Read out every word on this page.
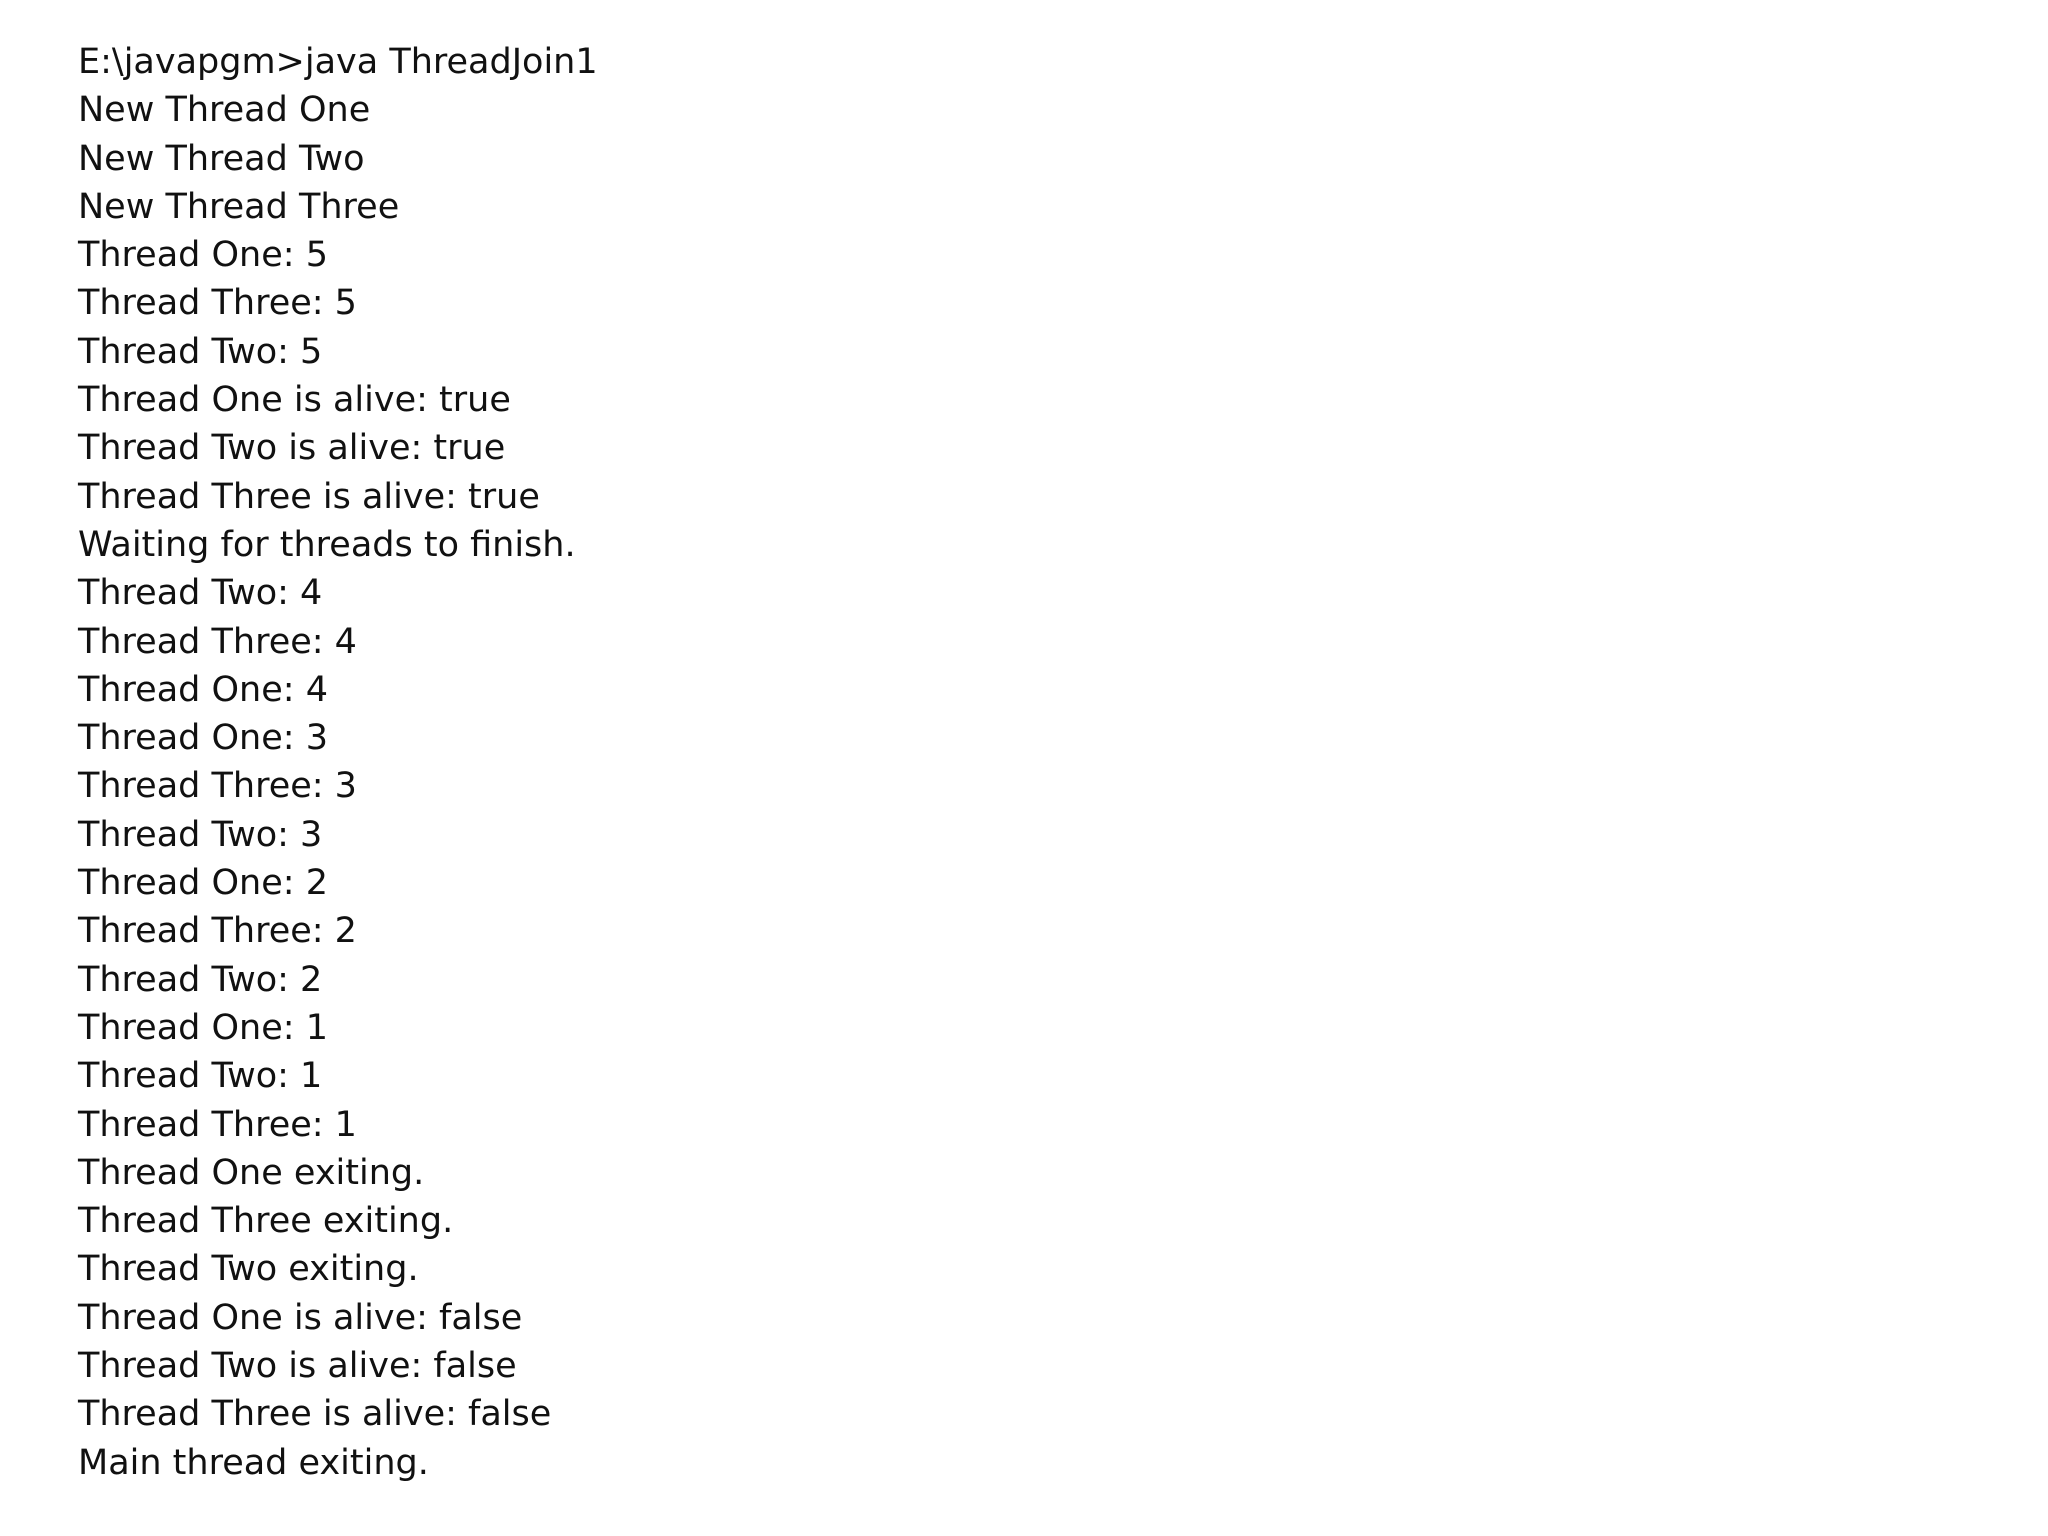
E:\javapgm>java ThreadJoin1
New Thread One
New Thread Two
New Thread Three
Thread One: 5
Thread Three: 5
Thread Two: 5
Thread One is alive: true
Thread Two is alive: true
Thread Three is alive: true
Waiting for threads to finish.
Thread Two: 4
Thread Three: 4
Thread One: 4
Thread One: 3
Thread Three: 3
Thread Two: 3
Thread One: 2
Thread Three: 2
Thread Two: 2
Thread One: 1
Thread Two: 1
Thread Three: 1
Thread One exiting.
Thread Three exiting.
Thread Two exiting.
Thread One is alive: false
Thread Two is alive: false
Thread Three is alive: false
Main thread exiting.
